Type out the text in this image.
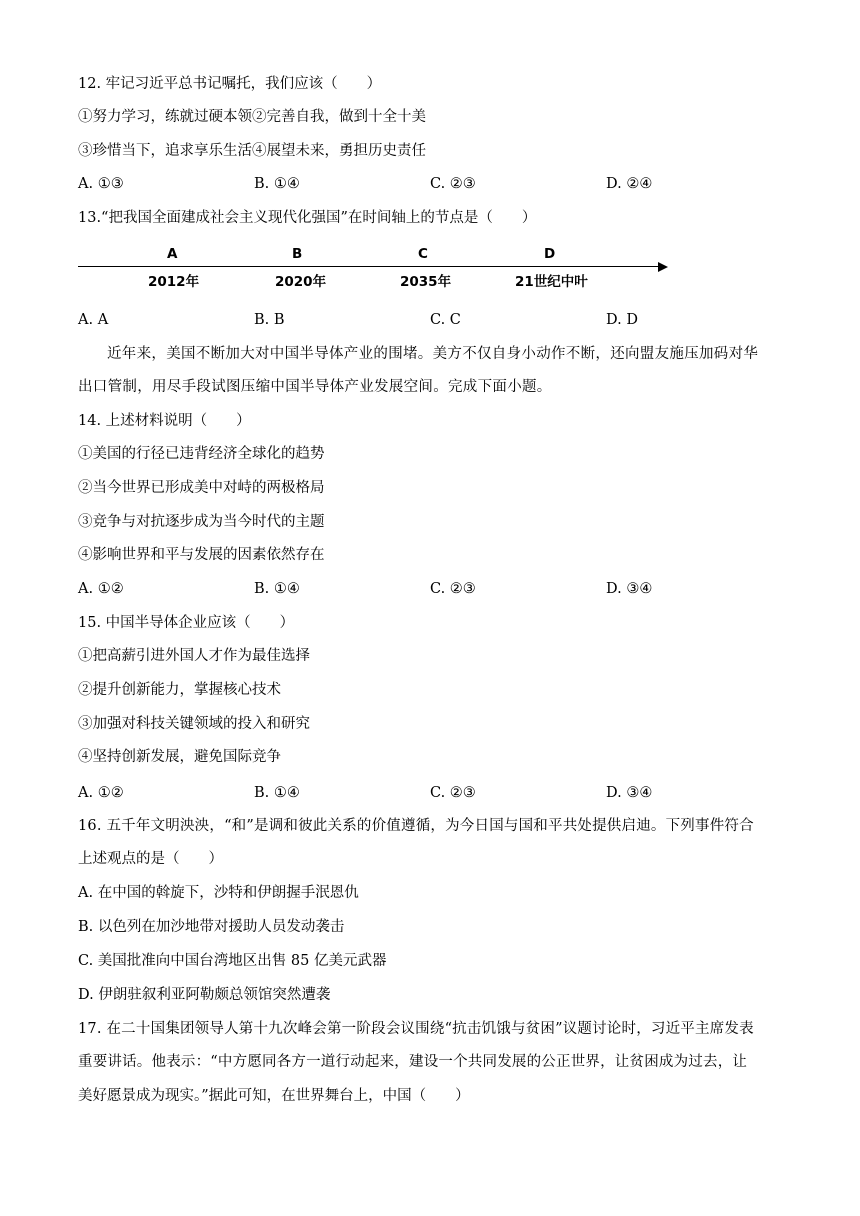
12. 牢记习近平总书记嘱托，我们应该（　　）
①努力学习，练就过硬本领②完善自我，做到十全十美
③珍惜当下，追求享乐生活④展望未来，勇担历史责任
A. ①③	B. ①④	C. ②③	D. ②④
13.“把我国全面建成社会主义现代化强国”在时间轴上的节点是（　　）
A	B	C	D
2012年	2020年	2035年	21世纪中叶
A. A	B. B	C. C	D. D
近年来，美国不断加大对中国半导体产业的围堵。美方不仅自身小动作不断，还向盟友施压加码对华
出口管制，用尽手段试图压缩中国半导体产业发展空间。完成下面小题。
14. 上述材料说明（　　）
①美国的行径已违背经济全球化的趋势
②当今世界已形成美中对峙的两极格局
③竞争与对抗逐步成为当今时代的主题
④影响世界和平与发展的因素依然存在
A. ①②	B. ①④	C. ②③	D. ③④
15. 中国半导体企业应该（　　）
①把高薪引进外国人才作为最佳选择
②提升创新能力，掌握核心技术
③加强对科技关键领域的投入和研究
④坚持创新发展，避免国际竞争
A. ①②	B. ①④	C. ②③	D. ③④
16. 五千年文明泱泱，“和”是调和彼此关系的价值遵循，为今日国与国和平共处提供启迪。下列事件符合
上述观点的是（　　）
A. 在中国的斡旋下，沙特和伊朗握手泯恩仇
B. 以色列在加沙地带对援助人员发动袭击
C. 美国批准向中国台湾地区出售 85 亿美元武器
D. 伊朗驻叙利亚阿勒颇总领馆突然遭袭
17. 在二十国集团领导人第十九次峰会第一阶段会议围绕“抗击饥饿与贫困”议题讨论时，习近平主席发表
重要讲话。他表示：“中方愿同各方一道行动起来，建设一个共同发展的公正世界，让贫困成为过去，让
美好愿景成为现实。”据此可知，在世界舞台上，中国（　　）
